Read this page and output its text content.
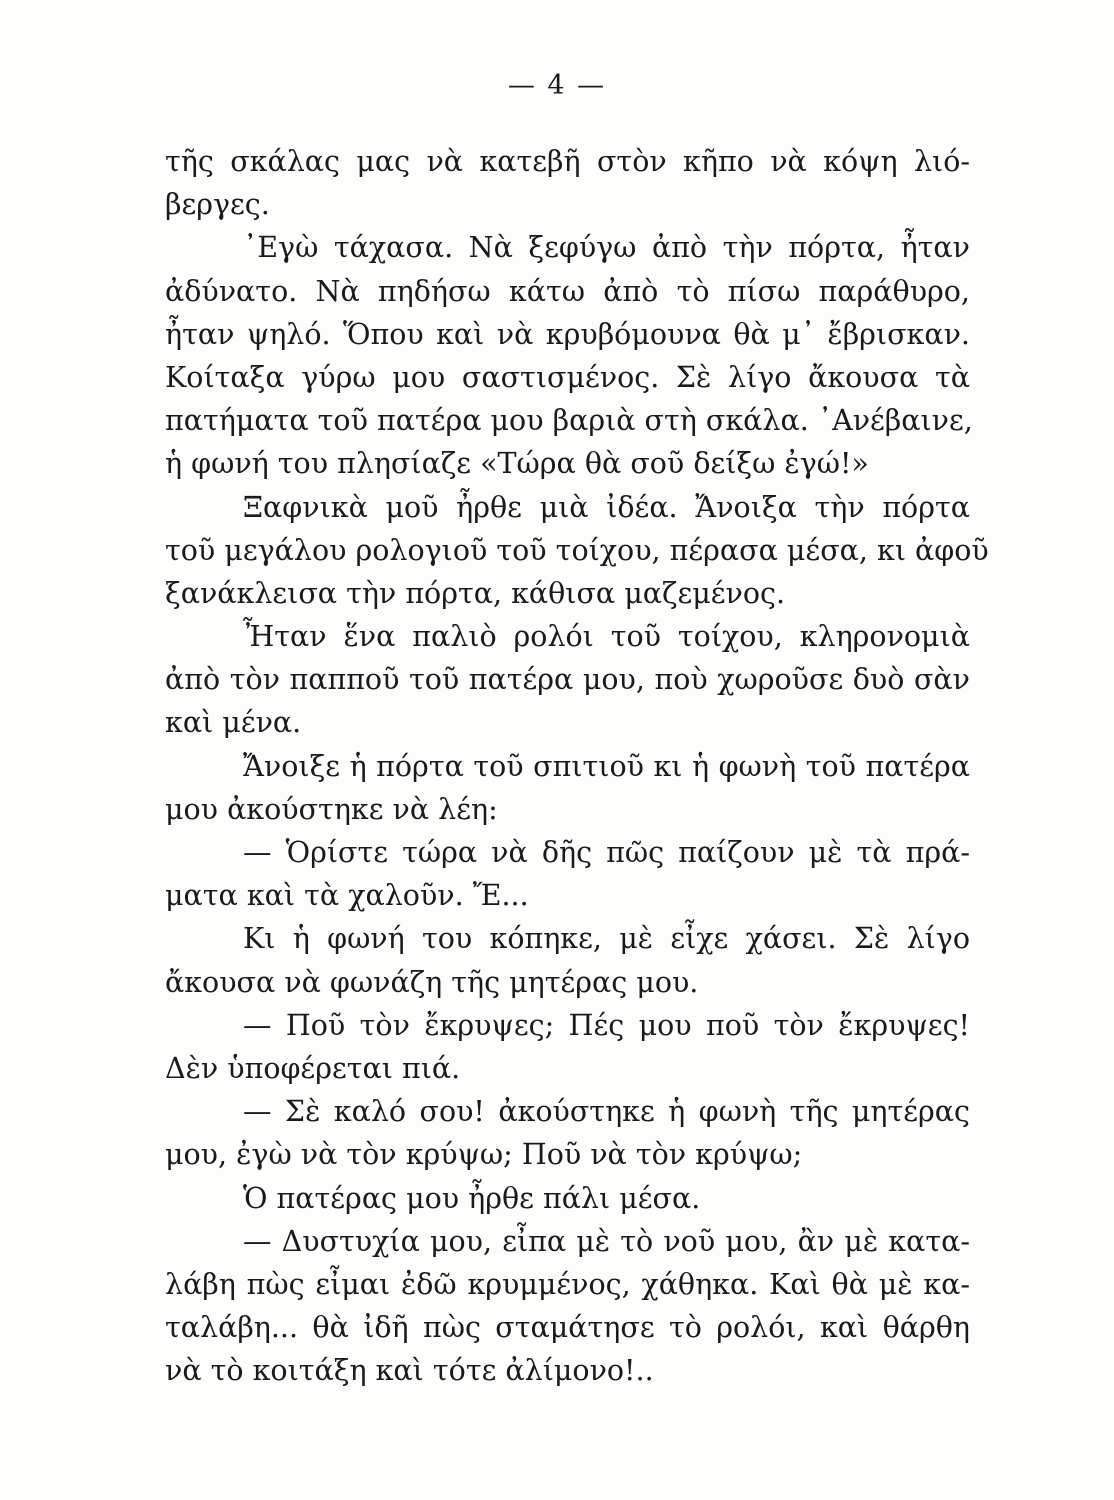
— 4 —
τῆς σκάλας μας νὰ κατεβῆ στὸν κῆπο νὰ κόψη λιό-
βεργες.
᾽Εγὼ τάχασα. Νὰ ξεφύγω ἀπὸ τὴν πόρτα, ἦταν
ἀδύνατο. Νὰ πηδήσω κάτω ἀπὸ τὸ πίσω παράθυρο,
ἦταν ψηλό. Ὅπου καὶ νὰ κρυβόμουνα θὰ μ᾽ ἔβρισκαν.
Κοίταξα γύρω μου σαστισμένος. Σὲ λίγο ἄκουσα τὰ
πατήματα τοῦ πατέρα μου βαριὰ στὴ σκάλα. ᾽Ανέβαινε,
ἡ φωνή του πλησίαζε «Τώρα θὰ σοῦ δείξω ἐγώ!»
Ξαφνικὰ μοῦ ἦρθε μιὰ ἰδέα. Ἄνοιξα τὴν πόρτα
τοῦ μεγάλου ρολογιοῦ τοῦ τοίχου, πέρασα μέσα, κι ἀφοῦ
ξανάκλεισα τὴν πόρτα, κάθισα μαζεμένος.
Ἦταν ἕνα παλιὸ ρολόι τοῦ τοίχου, κληρονομιὰ
ἀπὸ τὸν παπποῦ τοῦ πατέρα μου, ποὺ χωροῦσε δυὸ σὰν
καὶ μένα.
Ἄνοιξε ἡ πόρτα τοῦ σπιτιοῦ κι ἡ φωνὴ τοῦ πατέρα
μου ἀκούστηκε νὰ λέη:
— Ὁρίστε τώρα νὰ δῆς πῶς παίζουν μὲ τὰ πρά-
ματα καὶ τὰ χαλοῦν. Ἔ...
Κι ἡ φωνή του κόπηκε, μὲ εἶχε χάσει. Σὲ λίγο
ἄκουσα νὰ φωνάζη τῆς μητέρας μου.
— Ποῦ τὸν ἔκρυψες; Πές μου ποῦ τὸν ἔκρυψες!
Δὲν ὑποφέρεται πιά.
— Σὲ καλό σου! ἀκούστηκε ἡ φωνὴ τῆς μητέρας
μου, ἐγὼ νὰ τὸν κρύψω; Ποῦ νὰ τὸν κρύψω;
Ὁ πατέρας μου ἦρθε πάλι μέσα.
— Δυστυχία μου, εἶπα μὲ τὸ νοῦ μου, ἂν μὲ κατα-
λάβη πὼς εἶμαι ἐδῶ κρυμμένος, χάθηκα. Καὶ θὰ μὲ κα-
ταλάβη... θὰ ἰδῆ πὼς σταμάτησε τὸ ρολόι, καὶ θάρθη
νὰ τὸ κοιτάξη καὶ τότε ἀλίμονο!..
